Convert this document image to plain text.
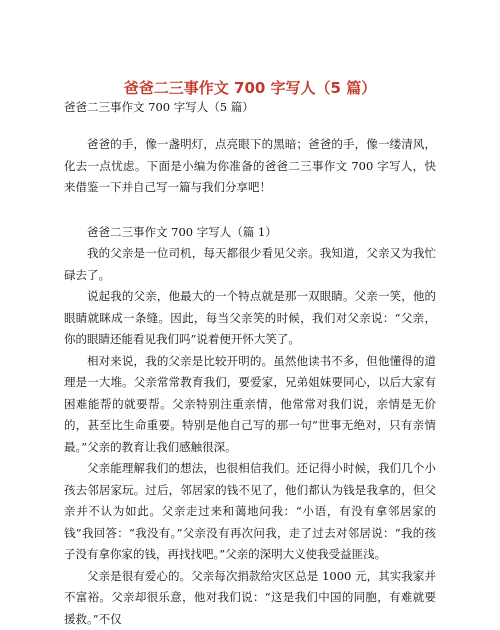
爸爸二三事作文 700 字写人（5 篇）

爸爸二三事作文 700 字写人（5 篇）

爸爸的手，像一盏明灯，点亮眼下的黑暗；爸爸的手，像一缕清风，化去一点忧虑。下面是小编为你准备的爸爸二三事作文 700 字写人，快来借鉴一下并自己写一篇与我们分享吧！

爸爸二三事作文 700 字写人（篇 1）

我的父亲是一位司机，每天都很少看见父亲。我知道，父亲又为我忙碌去了。

说起我的父亲，他最大的一个特点就是那一双眼睛。父亲一笑，他的眼睛就眯成一条缝。因此，每当父亲笑的时候，我们对父亲说：“父亲，你的眼睛还能看见我们吗”说着便开怀大笑了。

相对来说，我的父亲是比较开明的。虽然他读书不多，但他懂得的道理是一大堆。父亲常常教育我们，要爱家，兄弟姐妹要同心，以后大家有困难能帮的就要帮。父亲特别注重亲情，他常常对我们说，亲情是无价的，甚至比生命重要。特别是他自己写的那一句“世事无绝对，只有亲情最。”父亲的教育让我们感触很深。

父亲能理解我们的想法，也很相信我们。还记得小时候，我们几个小孩去邻居家玩。过后，邻居家的钱不见了，他们都认为钱是我拿的，但父亲并不认为如此。父亲走过来和蔼地问我：“小语，有没有拿邻居家的钱”我回答：“我没有。”父亲没有再次问我，走了过去对邻居说：“我的孩子没有拿你家的钱，再找找吧。”父亲的深明大义使我受益匪浅。

父亲是很有爱心的。父亲每次捐款给灾区总是 1000 元，其实我家并不富裕。父亲却很乐意，他对我们说：“这是我们中国的同胞，有难就要援救。”不仅
